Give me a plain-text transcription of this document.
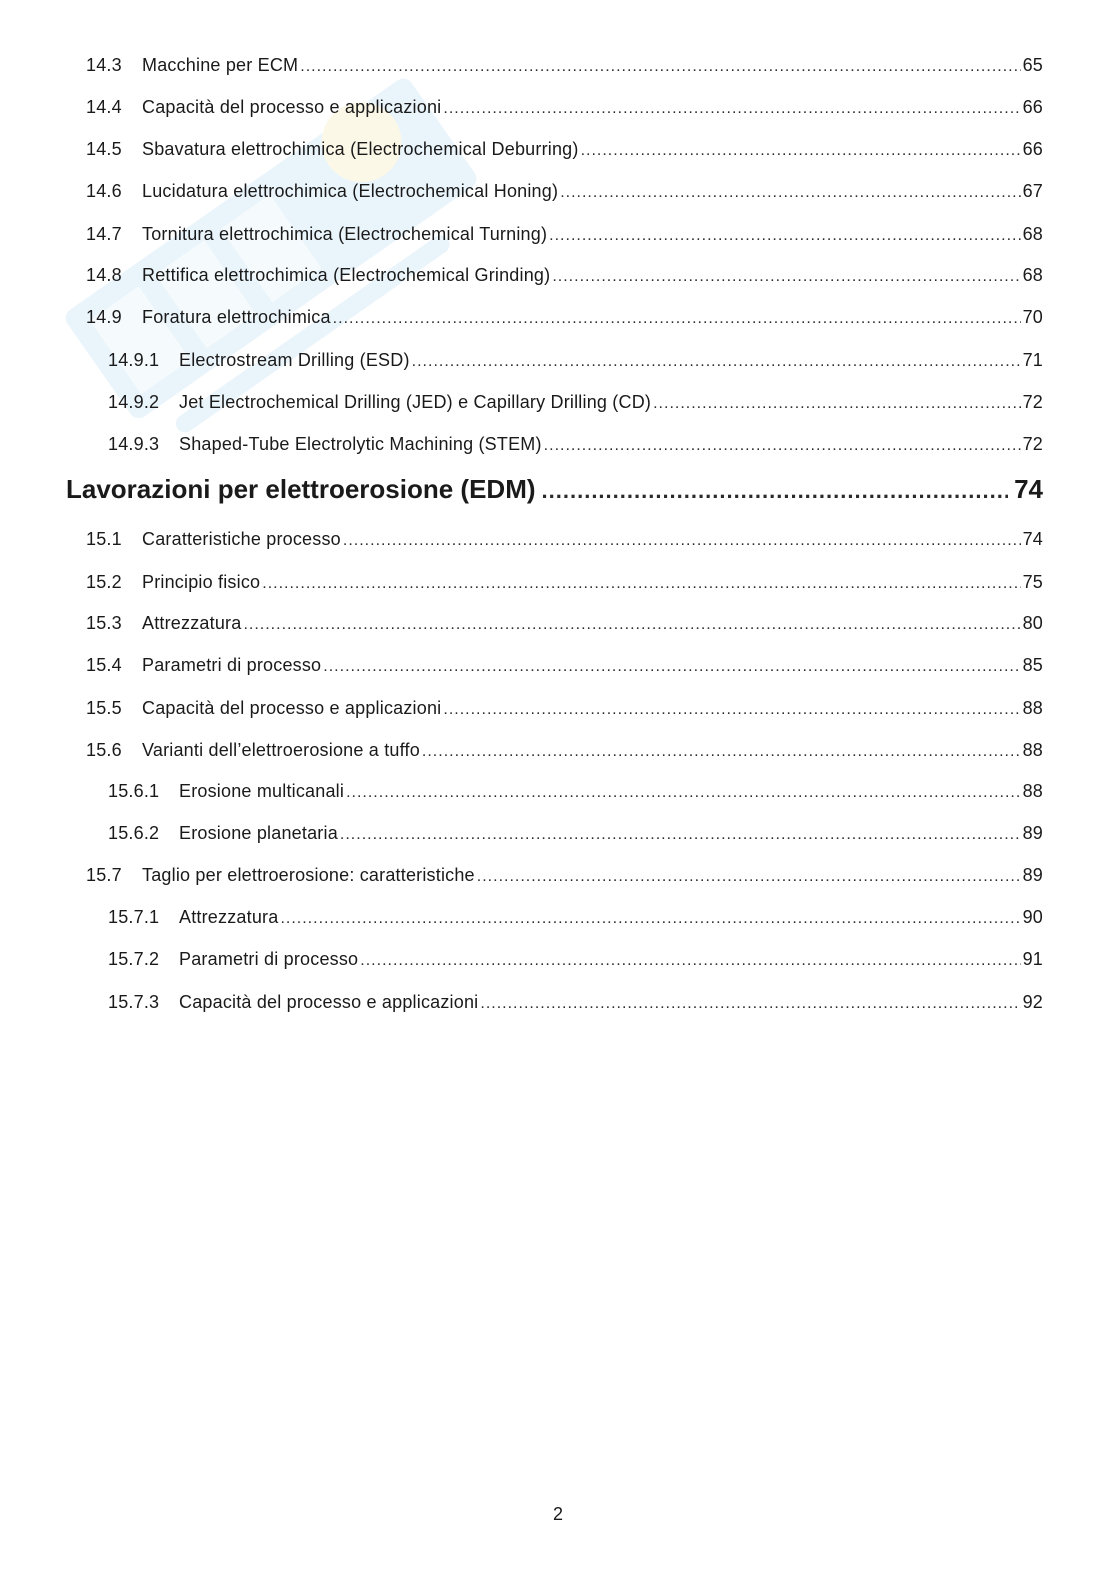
14.3	Macchine per ECM .....	65
14.4	Capacità del processo e applicazioni .....	66
14.5	Sbavatura elettrochimica (Electrochemical Deburring) .....	66
14.6	Lucidatura elettrochimica (Electrochemical Honing) .....	67
14.7	Tornitura elettrochimica (Electrochemical Turning) .....	68
14.8	Rettifica elettrochimica (Electrochemical Grinding) .....	68
14.9	Foratura elettrochimica .....	70
14.9.1	Electrostream Drilling (ESD) .....	71
14.9.2	Jet Electrochemical Drilling (JED) e Capillary Drilling (CD) .....	72
14.9.3	Shaped-Tube Electrolytic Machining (STEM) .....	72
Lavorazioni per elettroerosione (EDM) .....	74
15.1	Caratteristiche processo .....	74
15.2	Principio fisico .....	75
15.3	Attrezzatura .....	80
15.4	Parametri di processo .....	85
15.5	Capacità del processo e applicazioni .....	88
15.6	Varianti dell’elettroerosione a tuffo .....	88
15.6.1	Erosione multicanali .....	88
15.6.2	Erosione planetaria .....	89
15.7	Taglio per elettroerosione: caratteristiche .....	89
15.7.1	Attrezzatura .....	90
15.7.2	Parametri di processo .....	91
15.7.3	Capacità del processo e applicazioni .....	92
2
